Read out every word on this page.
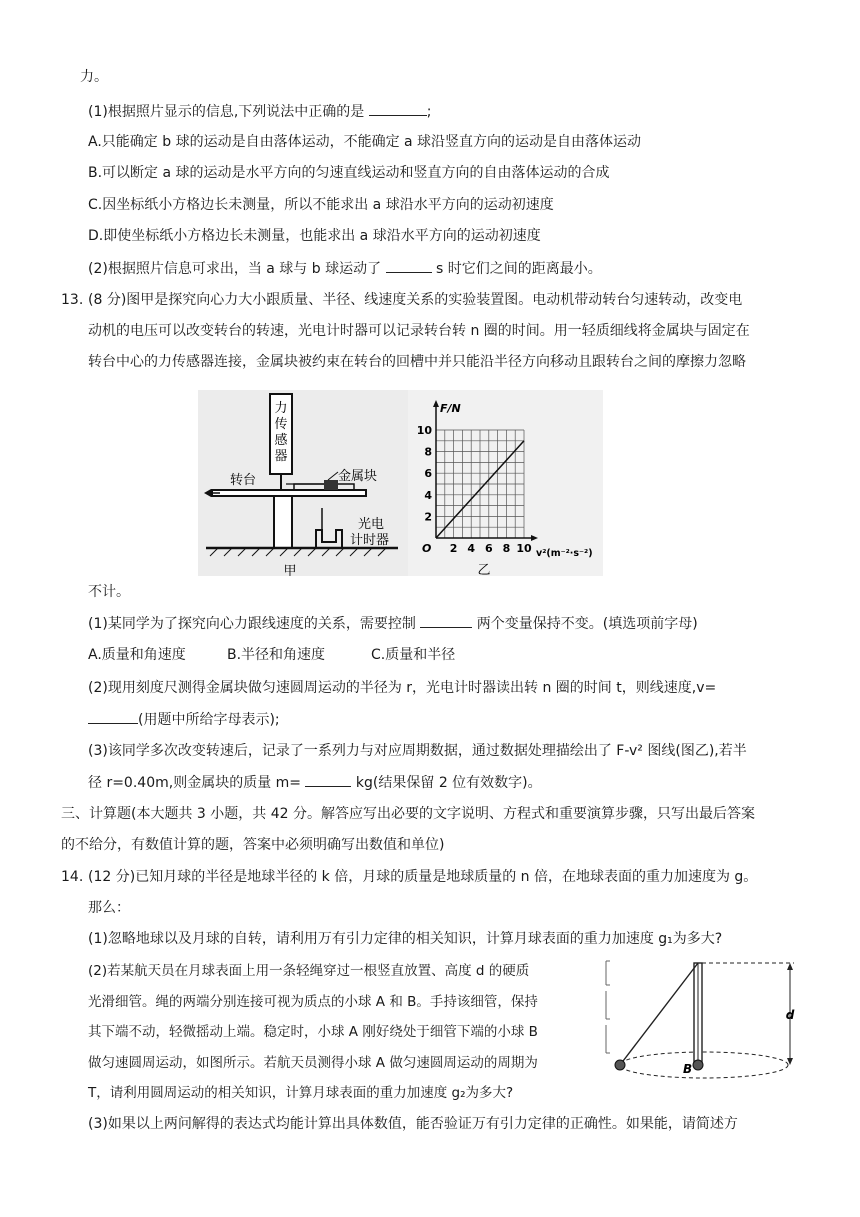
力。
(1)根据照片显示的信息,下列说法中正确的是	;
A.只能确定 b 球的运动是自由落体运动，不能确定 a 球沿竖直方向的运动是自由落体运动
B.可以断定 a 球的运动是水平方向的匀速直线运动和竖直方向的自由落体运动的合成
C.因坐标纸小方格边长未测量，所以不能求出 a 球沿水平方向的运动初速度
D.即使坐标纸小方格边长未测量，也能求出 a 球沿水平方向的运动初速度
(2)根据照片信息可求出，当 a 球与 b 球运动了	s 时它们之间的距离最小。
13. (8 分)图甲是探究向心力大小跟质量、半径、线速度关系的实验装置图。电动机带动转台匀速转动，改变电
动机的电压可以改变转台的转速，光电计时器可以记录转台转 n 圈的时间。用一轻质细线将金属块与固定在
转台中心的力传感器连接，金属块被约束在转台的回槽中并只能沿半径方向移动且跟转台之间的摩擦力忽略
力
传
感
器
转台	金属块
光电
计时器
甲
F/N
v²(m⁻²·s⁻²)
O 2 4 6 8 10
2
4
6
8
10
乙
不计。
(1)某同学为了探究向心力跟线速度的关系，需要控制	两个变量保持不变。(填选项前字母)
A.质量和角速度	B.半径和角速度	C.质量和半径
(2)现用刻度尺测得金属块做匀速圆周运动的半径为 r，光电计时器读出转 n 圈的时间 t，则线速度,v=
(用题中所给字母表示);
(3)该同学多次改变转速后，记录了一系列力与对应周期数据，通过数据处理描绘出了 F-v² 图线(图乙),若半
径 r=0.40m,则金属块的质量 m=	kg(结果保留 2 位有效数字)。
三、计算题(本大题共 3 小题，共 42 分。解答应写出必要的文字说明、方程式和重要演算步骤，只写出最后答案
的不给分，有数值计算的题，答案中必须明确写出数值和单位)
14. (12 分)已知月球的半径是地球半径的 k 倍，月球的质量是地球质量的 n 倍，在地球表面的重力加速度为 g。
那么：
(1)忽略地球以及月球的自转，请利用万有引力定律的相关知识，计算月球表面的重力加速度 g₁为多大?
(2)若某航天员在月球表面上用一条轻绳穿过一根竖直放置、高度 d 的硬质
光滑细管。绳的两端分别连接可视为质点的小球 A 和 B。手持该细管，保持
其下端不动，轻微摇动上端。稳定时，小球 A 刚好绕处于细管下端的小球 B
做匀速圆周运动，如图所示。若航天员测得小球 A 做匀速圆周运动的周期为
T，请利用圆周运动的相关知识，计算月球表面的重力加速度 g₂为多大?
d
B
(3)如果以上两问解得的表达式均能计算出具体数值，能否验证万有引力定律的正确性。如果能，请简述方
